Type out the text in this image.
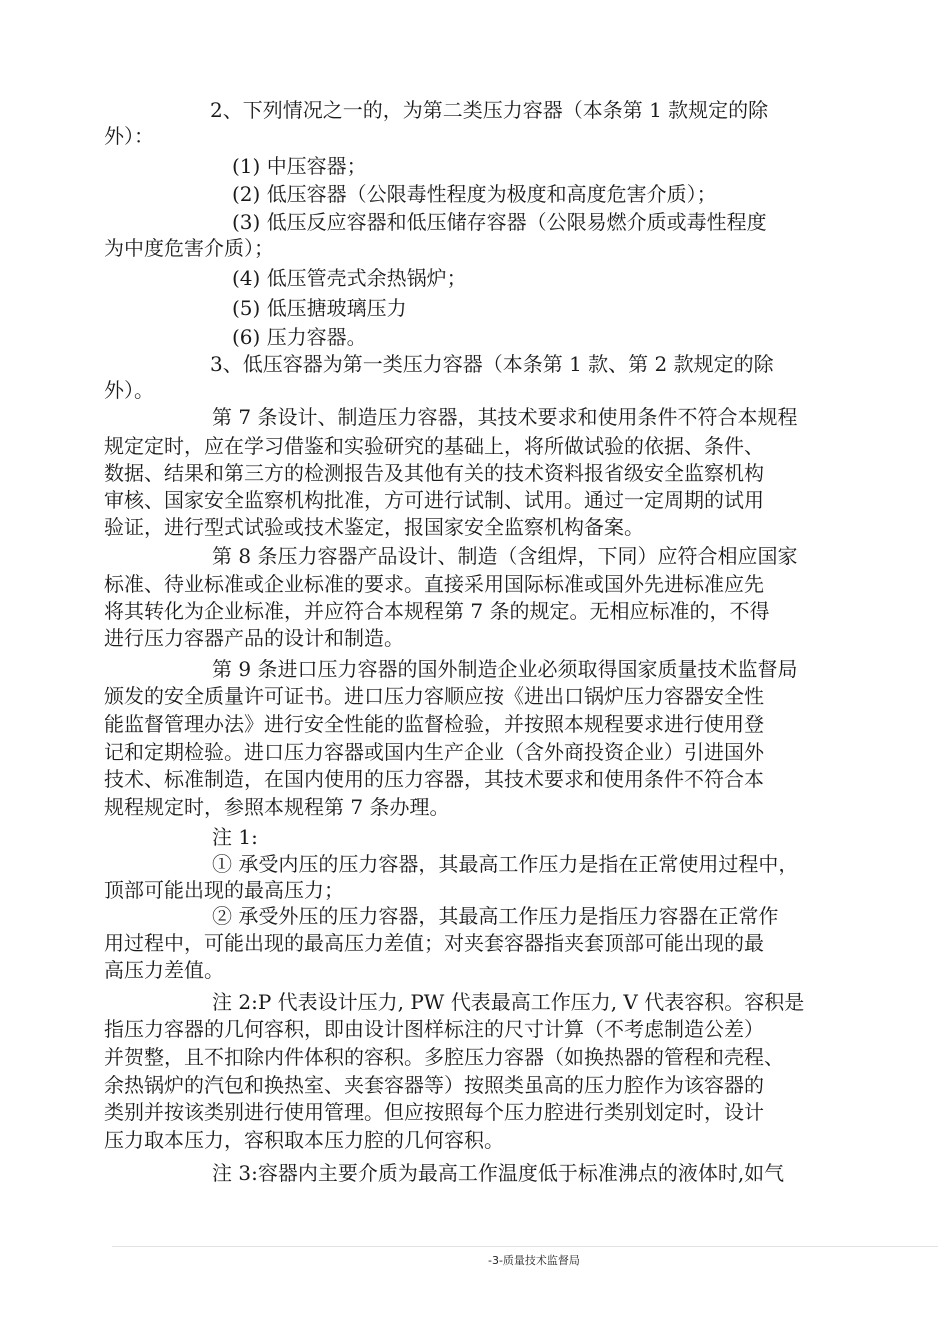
2、下列情况之一的，为第二类压力容器（本条第 1 款规定的除
外）：
(1) 中压容器；
(2) 低压容器（公限毒性程度为极度和高度危害介质）；
(3) 低压反应容器和低压储存容器（公限易燃介质或毒性程度
为中度危害介质）；
(4) 低压管壳式余热锅炉；
(5) 低压搪玻璃压力
(6) 压力容器。
3、低压容器为第一类压力容器（本条第 1 款、第 2 款规定的除
外）。
第 7 条设计、制造压力容器，其技术要求和使用条件不符合本规程
规定定时，应在学习借鉴和实验研究的基础上，将所做试验的依据、条件、
数据、结果和第三方的检测报告及其他有关的技术资料报省级安全监察机构
审核、国家安全监察机构批准，方可进行试制、试用。通过一定周期的试用
验证，进行型式试验或技术鉴定，报国家安全监察机构备案。
第 8 条压力容器产品设计、制造（含组焊，下同）应符合相应国家
标准、待业标准或企业标准的要求。直接采用国际标准或国外先进标准应先
将其转化为企业标准，并应符合本规程第 7 条的规定。无相应标准的，不得
进行压力容器产品的设计和制造。
第 9 条进口压力容器的国外制造企业必须取得国家质量技术监督局
颁发的安全质量许可证书。进口压力容顺应按《进出口锅炉压力容器安全性
能监督管理办法》进行安全性能的监督检验，并按照本规程要求进行使用登
记和定期检验。进口压力容器或国内生产企业（含外商投资企业）引进国外
技术、标准制造，在国内使用的压力容器，其技术要求和使用条件不符合本
规程规定时，参照本规程第 7 条办理。
注 1:
① 承受内压的压力容器，其最高工作压力是指在正常使用过程中，
顶部可能出现的最高压力；
② 承受外压的压力容器，其最高工作压力是指压力容器在正常作
用过程中，可能出现的最高压力差值；对夹套容器指夹套顶部可能出现的最
高压力差值。
注 2:P 代表设计压力, PW 代表最高工作压力, V 代表容积。容积是
指压力容器的几何容积，即由设计图样标注的尺寸计算（不考虑制造公差）
并贺整，且不扣除内件体积的容积。多腔压力容器（如换热器的管程和壳程、
余热锅炉的汽包和换热室、夹套容器等）按照类虽高的压力腔作为该容器的
类别并按该类别进行使用管理。但应按照每个压力腔进行类别划定时，设计
压力取本压力，容积取本压力腔的几何容积。
注 3:容器内主要介质为最高工作温度低于标准沸点的液体时,如气
-3-质量技术监督局
